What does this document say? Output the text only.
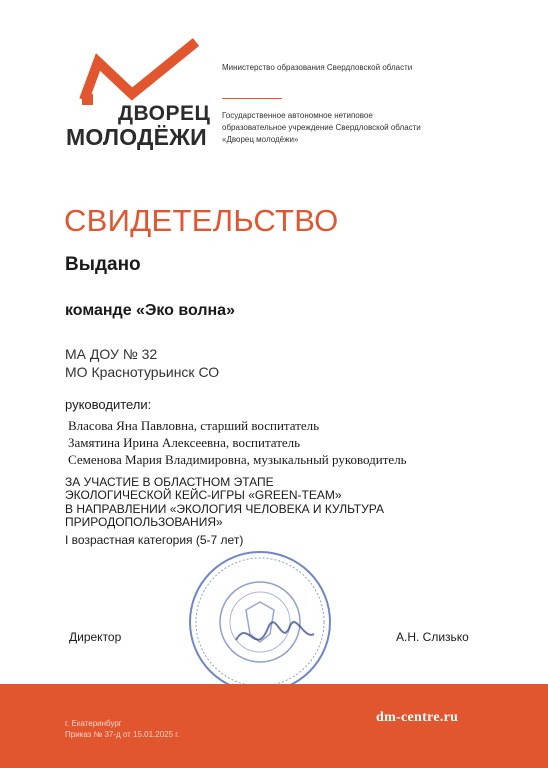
ДВОРЕЦ
МОЛОДЁЖИ
Министерство образования Свердловской области
Государственное автономное нетиповое
образовательное учреждение Свердловской области
«Дворец молодёжи»
СВИДЕТЕЛЬСТВО
Выдано
команде «Эко волна»
МА ДОУ № 32
МО Краснотурьинск СО
руководители:
Власова Яна Павловна, старший воспитатель
Замятина Ирина Алексеевна, воспитатель
Семенова Мария Владимировна, музыкальный руководитель
ЗА УЧАСТИЕ В ОБЛАСТНОМ ЭТАПЕ
ЭКОЛОГИЧЕСКОЙ КЕЙС-ИГРЫ «GREEN-TEAM»
В НАПРАВЛЕНИИ «ЭКОЛОГИЯ ЧЕЛОВЕКА И КУЛЬТУРА
ПРИРОДОПОЛЬЗОВАНИЯ»
I возрастная категория (5-7 лет)
Директор	А.Н. Слизько
г. Екатеринбург
Приказ № 37-д от 15.01.2025 г.
dm-centre.ru
